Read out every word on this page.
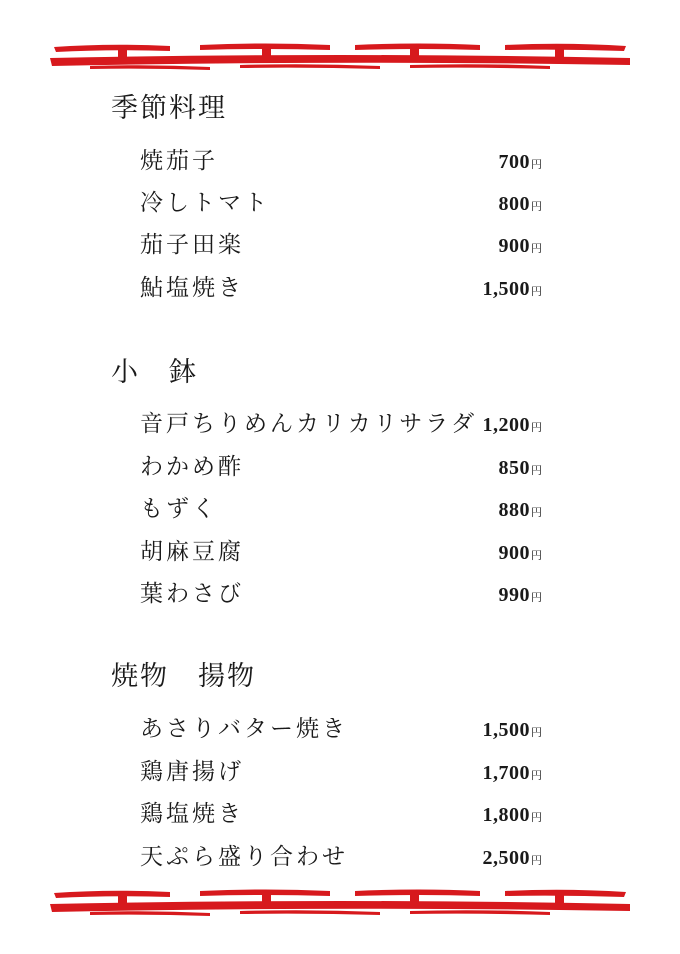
季節料理
焼茄子	700 円
冷しトマト	800 円
茄子田楽	900 円
鮎塩焼き	1,500 円
小　鉢
音戸ちりめんカリカリサラダ 1,200 円
わかめ酢	850 円
もずく	880 円
胡麻豆腐	900 円
葉わさび	990 円
焼物　揚物
あさりバター焼き	1,500 円
鶏唐揚げ	1,700 円
鶏塩焼き	1,800 円
天ぷら盛り合わせ	2,500 円
